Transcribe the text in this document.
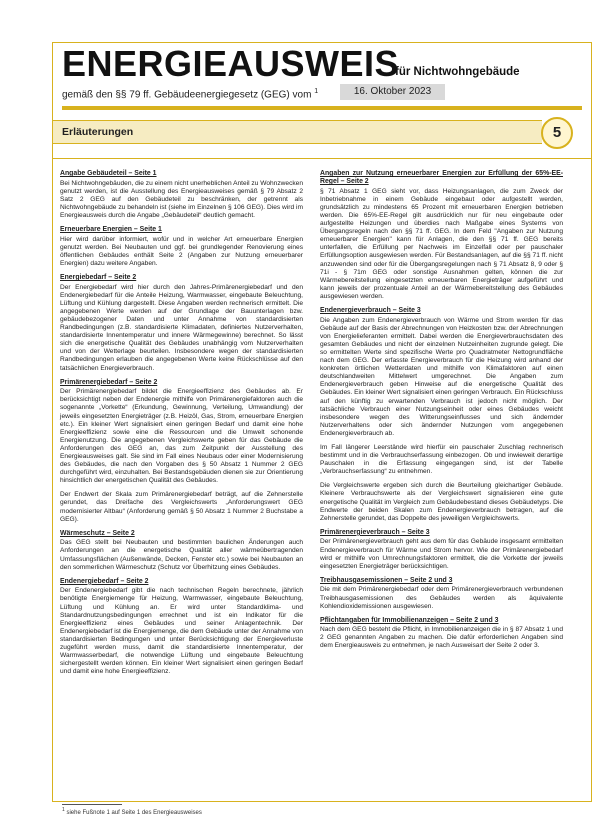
ENERGIEAUSWEIS
für Nichtwohngebäude
gemäß den §§ 79 ff. Gebäudeenergiegesetz (GEG) vom $^1$	16. Oktober 2023
Erläuterungen	5
Angabe Gebäudeteil – Seite 1

Bei Nichtwohngebäuden, die zu einem nicht unerheblichen Anteil zu Wohnzwecken genutzt werden, ist die Ausstellung des Energieausweises gemäß § 79 Absatz 2 Satz 2 GEG auf den Gebäudeteil zu beschränken, der getrennt als Nichtwohngebäude zu behandeln ist (siehe im Einzelnen § 106 GEG). Dies wird im Energieausweis durch die Angabe „Gebäudeteil“ deutlich gemacht.

Erneuerbare Energien – Seite 1

Hier wird darüber informiert, wofür und in welcher Art erneuerbare Energien genutzt werden. Bei Neubauten und ggf. bei grundlegender Renovierung eines öffentlichen Gebäudes enthält Seite 2 (Angaben zur Nutzung erneuerbarer Energien) dazu weitere Angaben.

Energiebedarf – Seite 2

Der Energiebedarf wird hier durch den Jahres-Primärenergiebedarf und den Endenergiebedarf für die Anteile Heizung, Warmwasser, eingebaute Beleuchtung, Lüftung und Kühlung dargestellt. Diese Angaben werden rechnerisch ermittelt. Die angegebenen Werte werden auf der Grundlage der Bauunterlagen bzw. gebäudebezogener Daten und unter Annahme von standardisierten Randbedingungen (z.B. standardisierte Klimadaten, definiertes Nutzerverhalten, standardisierte Innentemperatur und innere Wärmegewinne) berechnet. So lässt sich die energetische Qualität des Gebäudes unabhängig vom Nutzerverhalten und von der Wetterlage beurteilen. Insbesondere wegen der standardisierten Randbedingungen erlauben die angegebenen Werte keine Rückschlüsse auf den tatsächlichen Energieverbrauch.

Primärenergiebedarf – Seite 2

Der Primärenergiebedarf bildet die Energieeffizienz des Gebäudes ab. Er berücksichtigt neben der Endenergie mithilfe von Primärenergiefaktoren auch die sogenannte „Vorkette“ (Erkundung, Gewinnung, Verteilung, Umwandlung) der jeweils eingesetzten Energieträger (z.B. Heizöl, Gas, Strom, erneuerbare Energien etc.). Ein kleiner Wert signalisiert einen geringen Bedarf und damit eine hohe Energieeffizienz sowie eine die Ressourcen und die Umwelt schonende Energienutzung. Die angegebenen Vergleichswerte geben für das Gebäude die Anforderungen des GEG an, das zum Zeitpunkt der Ausstellung des Energieausweises galt. Sie sind im Fall eines Neubaus oder einer Modernisierung des Gebäudes, die nach den Vorgaben des § 50 Absatz 1 Nummer 2 GEG durchgeführt wird, einzuhalten. Bei Bestandsgebäuden dienen sie zur Orientierung hinsichtlich der energetischen Qualität des Gebäudes.

Der Endwert der Skala zum Primärenergiebedarf beträgt, auf die Zehnerstelle gerundet, das Dreifache des Vergleichswerts „Anforderungswert GEG modernisierter Altbau“ (Anforderung gemäß § 50 Absatz 1 Nummer 2 Buchstabe a GEG).

Wärmeschutz – Seite 2

Das GEG stellt bei Neubauten und bestimmten baulichen Änderungen auch Anforderungen an die energetische Qualität aller wärmeübertragenden Umfassungsflächen (Außenwände, Decken, Fenster etc.) sowie bei Neubauten an den sommerlichen Wärmeschutz (Schutz vor Überhitzung eines Gebäudes.

Endenergiebedarf – Seite 2

Der Endenergiebedarf gibt die nach technischen Regeln berechnete, jährlich benötigte Energiemenge für Heizung, Warmwasser, eingebaute Beleuchtung, Lüftung und Kühlung an. Er wird unter Standardklima- und Standardnutzungsbedingungen errechnet und ist ein Indikator für die Energieeffizienz eines Gebäudes und seiner Anlagentechnik. Der Endenergiebedarf ist die Energiemenge, die dem Gebäude unter der Annahme von standardisierten Bedingungen und unter Berücksichtigung der Energieverluste zugeführt werden muss, damit die standardisierte Innentemperatur, der Warmwasserbedarf, die notwendige Lüftung und eingebaute Beleuchtung sichergestellt werden können. Ein kleiner Wert signalisiert einen geringen Bedarf und damit eine hohe Energieeffizienz.

Angaben zur Nutzung erneuerbarer Energien zur Erfüllung der 65%-EE-Regel – Seite 2

§ 71 Absatz 1 GEG sieht vor, dass Heizungsanlagen, die zum Zweck der Inbetriebnahme in einem Gebäude eingebaut oder aufgestellt werden, grundsätzlich zu mindestens 65 Prozent mit erneuerbaren Energien betrieben werden. Die 65%-EE-Regel gilt ausdrücklich nur für neu eingebaute oder aufgestellte Heizungen und überdies nach Maßgabe eines Systems von Übergangsregeln nach den §§ 71 ff. GEG. In dem Feld "Angaben zur Nutzung erneuerbarer Energien" kann für Anlagen, die den §§ 71 ff. GEG bereits unterfallen, die Erfüllung per Nachweis im Einzelfall oder per pauschaler Erfüllungsoption ausgewiesen werden. Für Bestandsanlagen, auf die §§ 71 ff. nicht anzuwenden sind oder für die Übergangsregelungen nach § 71 Absatz 8, 9 oder § 71i - § 71m GEG oder sonstige Ausnahmen gelten, können die zur Wärmebereitstellung eingesetzten erneuerbaren Energieträger aufgeführt und kann jeweils der prozentuale Anteil an der Wärmebereitstellung des Gebäudes ausgewiesen werden.

Endenergieverbrauch – Seite 3

Die Angaben zum Endenergieverbrauch von Wärme und Strom werden für das Gebäude auf der Basis der Abrechnungen von Heizkosten bzw. der Abrechnungen von Energielieferanten ermittelt. Dabei werden die Energieverbrauchsdaten des gesamten Gebäudes und nicht der einzelnen Nutzeinheiten zugrunde gelegt. Die so ermittelten Werte sind spezifische Werte pro Quadratmeter Nettogrundfläche nach dem GEG. Der erfasste Energieverbrauch für die Heizung wird anhand der konkreten örtlichen Wetterdaten und mithilfe von Klimafaktoren auf einen deutschlandweiten Mittelwert umgerechnet. Die Angaben zum Endenergieverbrauch geben Hinweise auf die energetische Qualität des Gebäudes. Ein kleiner Wert signalisiert einen geringen Verbrauch. Ein Rückschluss auf den künftig zu erwartenden Verbrauch ist jedoch nicht möglich. Der tatsächliche Verbrauch einer Nutzungseinheit oder eines Gebäudes weicht insbesondere wegen des Witterungseinflusses und sich ändernder Nutzerverhaltens oder sich ändernder Nutzungen vom angegebenen Endenergieverbrauch ab.

Im Fall längerer Leerstände wird hierfür ein pauschaler Zuschlag rechnerisch bestimmt und in die Verbrauchserfassung einbezogen. Ob und inwieweit derartige Pauschalen in die Erfassung eingegangen sind, ist der Tabelle „Verbrauchserfassung“ zu entnehmen.

Die Vergleichswerte ergeben sich durch die Beurteilung gleichartiger Gebäude. Kleinere Verbrauchswerte als der Vergleichswert signalisieren eine gute energetische Qualität im Vergleich zum Gebäudebestand dieses Gebäudetyps. Die Endwerte der beiden Skalen zum Endenergieverbrauch betragen, auf die Zehnerstelle gerundet, das Doppelte des jeweiligen Vergleichswerts.

Primärenergieverbrauch – Seite 3

Der Primärenergieverbrauch geht aus dem für das Gebäude insgesamt ermittelten Endenergieverbrauch für Wärme und Strom hervor. Wie der Primärenergiebedarf wird er mithilfe von Umrechnungsfaktoren ermittelt, die die Vorkette der jeweils eingesetzten Energieträger berücksichtigen.

Treibhausgasemissionen – Seite 2 und 3

Die mit dem Primärenergiebedarf oder dem Primärenergieverbrauch verbundenen Treibhausgasemissionen des Gebäudes werden als äquivalente Kohlendioxidemissionen ausgewiesen.

Pflichtangaben für Immobilienanzeigen – Seite 2 und 3

Nach dem GEG besteht die Pflicht, in Immobilienanzeigen die in § 87 Absatz 1 und 2 GEG genannten Angaben zu machen. Die dafür erforderlichen Angaben sind dem Energieausweis zu entnehmen, je nach Ausweisart der Seite 2 oder 3.

$^1$ siehe Fußnote 1 auf Seite 1 des Energieausweises
